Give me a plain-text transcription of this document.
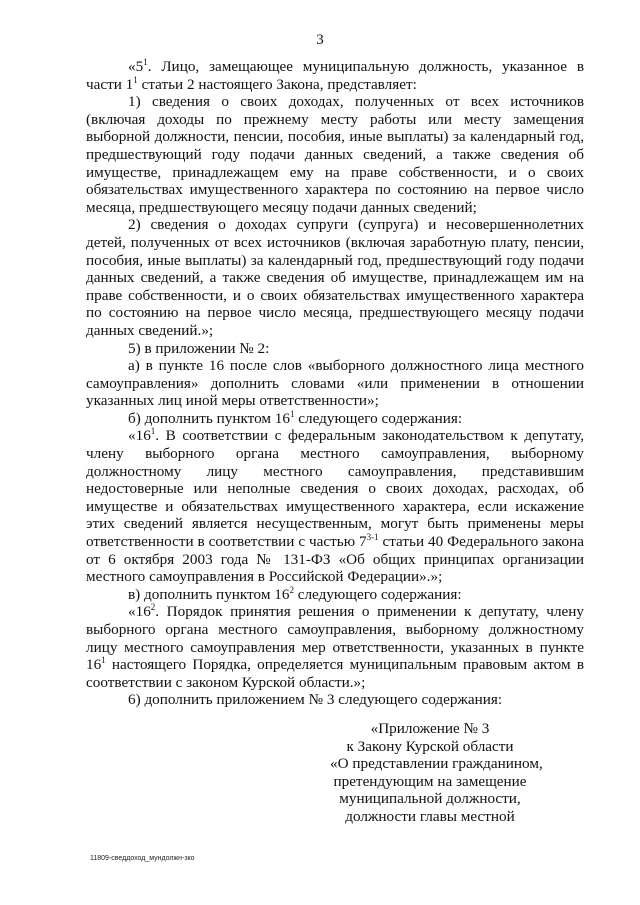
3

«$5^1$. Лицо, замещающее муниципальную должность, указанное в части $1^1$ статьи 2 настоящего Закона, представляет:

1) сведения о своих доходах, полученных от всех источников (включая доходы по прежнему месту работы или месту замещения выборной должности, пенсии, пособия, иные выплаты) за календарный год, предшествующий году подачи данных сведений, а также сведения об имуществе, принадлежащем ему на праве собственности, и о своих обязательствах имущественного характера по состоянию на первое число месяца, предшествующего месяцу подачи данных сведений;

2) сведения о доходах супруги (супруга) и несовершеннолетних детей, полученных от всех источников (включая заработную плату, пенсии, пособия, иные выплаты) за календарный год, предшествующий году подачи данных сведений, а также сведения об имуществе, принадлежащем им на праве собственности, и о своих обязательствах имущественного характера по состоянию на первое число месяца, предшествующего месяцу подачи данных сведений.»;

5) в приложении № 2:

а) в пункте 16 после слов «выборного должностного лица местного самоуправления» дополнить словами «или применении в отношении указанных лиц иной меры ответственности»;

б) дополнить пунктом $16^1$ следующего содержания:

«$16^1$. В соответствии с федеральным законодательством к депутату, члену выборного органа местного самоуправления, выборному должностному лицу местного самоуправления, представившим недостоверные или неполные сведения о своих доходах, расходах, об имуществе и обязательствах имущественного характера, если искажение этих сведений является несущественным, могут быть применены меры ответственности в соответствии с частью 7$^{3-1}$ статьи 40 Федерального закона от 6 октября 2003 года № 131-ФЗ «Об общих принципах организации местного самоуправления в Российской Федерации».»;

в) дополнить пунктом $16^2$ следующего содержания:

«$16^2$. Порядок принятия решения о применении к депутату, члену выборного органа местного самоуправления, выборному должностному лицу местного самоуправления мер ответственности, указанных в пункте $16^1$ настоящего Порядка, определяется муниципальным правовым актом в соответствии с законом Курской области.»;

6) дополнить приложением № 3 следующего содержания:

«Приложение № 3
к Закону Курской области
«О представлении гражданином,
претендующим на замещение
муниципальной должности,
должности главы местной
11809-сведдоход_мундолжн-зко
